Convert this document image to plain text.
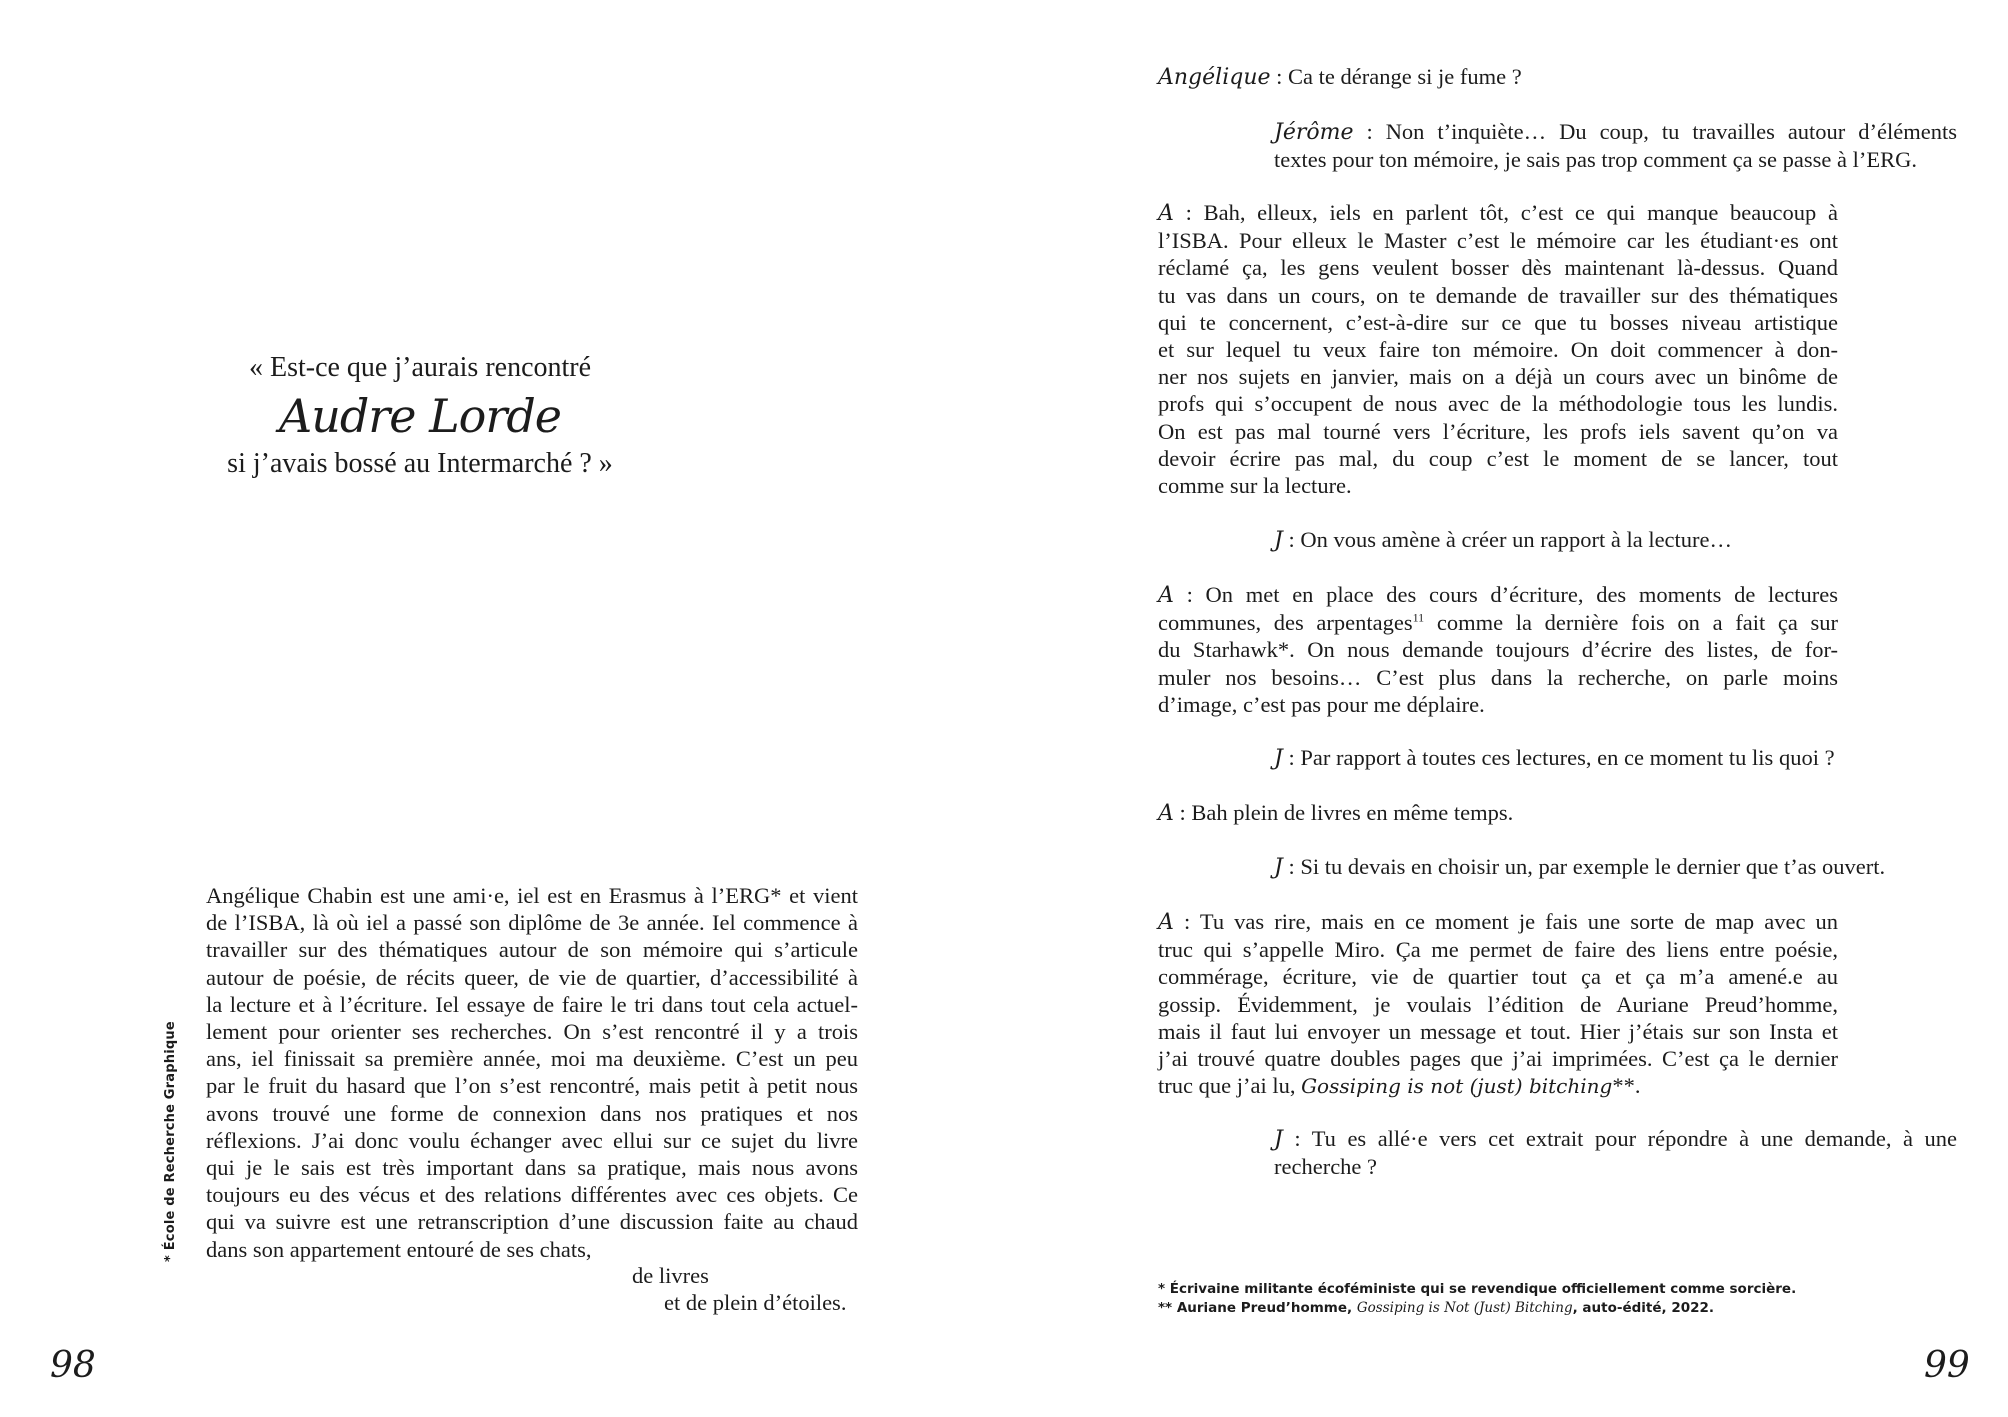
« Est-ce que j’aurais rencontré

Audre Lorde
si j’avais bossé au Intermarché ? »
Angélique Chabin est une ami·e, iel est en Erasmus à l’ERG* et vient
de l’ISBA, là où iel a passé son diplôme de 3e année. Iel commence à
travailler sur des thématiques autour de son mémoire qui s’articule
autour de poésie, de récits queer, de vie de quartier, d’accessibilité à
la lecture et à l’écriture. Iel essaye de faire le tri dans tout cela actuel-
lement pour orienter ses recherches. On s’est rencontré il y a trois
ans, iel finissait sa première année, moi ma deuxième. C’est un peu
par le fruit du hasard que l’on s’est rencontré, mais petit à petit nous
avons trouvé une forme de connexion dans nos pratiques et nos
réflexions. J’ai donc voulu échanger avec ellui sur ce sujet du livre
qui je le sais est très important dans sa pratique, mais nous avons
toujours eu des vécus et des relations différentes avec ces objets. Ce
qui va suivre est une retranscription d’une discussion faite au chaud
dans son appartement entouré de ses chats,
de livres
et de plein d’étoiles.
* École de Recherche Graphique
98
Angélique : Ca te dérange si je fume ?
Jérôme : Non t’inquiète… Du coup, tu travailles autour d’éléments
textes pour ton mémoire, je sais pas trop comment ça se passe à l’ERG.
A : Bah, elleux, iels en parlent tôt, c’est ce qui manque beaucoup à
l’ISBA. Pour elleux le Master c’est le mémoire car les étudiant·es ont
réclamé ça, les gens veulent bosser dès maintenant là-dessus. Quand
tu vas dans un cours, on te demande de travailler sur des thématiques
qui te concernent, c’est-à-dire sur ce que tu bosses niveau artistique
et sur lequel tu veux faire ton mémoire. On doit commencer à don-
ner nos sujets en janvier, mais on a déjà un cours avec un binôme de
profs qui s’occupent de nous avec de la méthodologie tous les lundis.
On est pas mal tourné vers l’écriture, les profs iels savent qu’on va
devoir écrire pas mal, du coup c’est le moment de se lancer, tout
comme sur la lecture.
J : On vous amène à créer un rapport à la lecture…
A : On met en place des cours d’écriture, des moments de lectures
communes, des arpentages$^{11}$ comme la dernière fois on a fait ça sur
du Starhawk*. On nous demande toujours d’écrire des listes, de for-
muler nos besoins… C’est plus dans la recherche, on parle moins
d’image, c’est pas pour me déplaire.
J : Par rapport à toutes ces lectures, en ce moment tu lis quoi ?
A : Bah plein de livres en même temps.
J : Si tu devais en choisir un, par exemple le dernier que t’as ouvert.
A : Tu vas rire, mais en ce moment je fais une sorte de map avec un
truc qui s’appelle Miro. Ça me permet de faire des liens entre poésie,
commérage, écriture, vie de quartier tout ça et ça m’a amené.e au
gossip. Évidemment, je voulais l’édition de Auriane Preud’homme,
mais il faut lui envoyer un message et tout. Hier j’étais sur son Insta et
j’ai trouvé quatre doubles pages que j’ai imprimées. C’est ça le dernier
truc que j’ai lu, Gossiping is not (just) bitching**.
J : Tu es allé·e vers cet extrait pour répondre à une demande, à une
recherche ?
* Écrivaine militante écoféministe qui se revendique officiellement comme sorcière.
** Auriane Preud’homme, Gossiping is Not (Just) Bitching, auto-édité, 2022.
99
